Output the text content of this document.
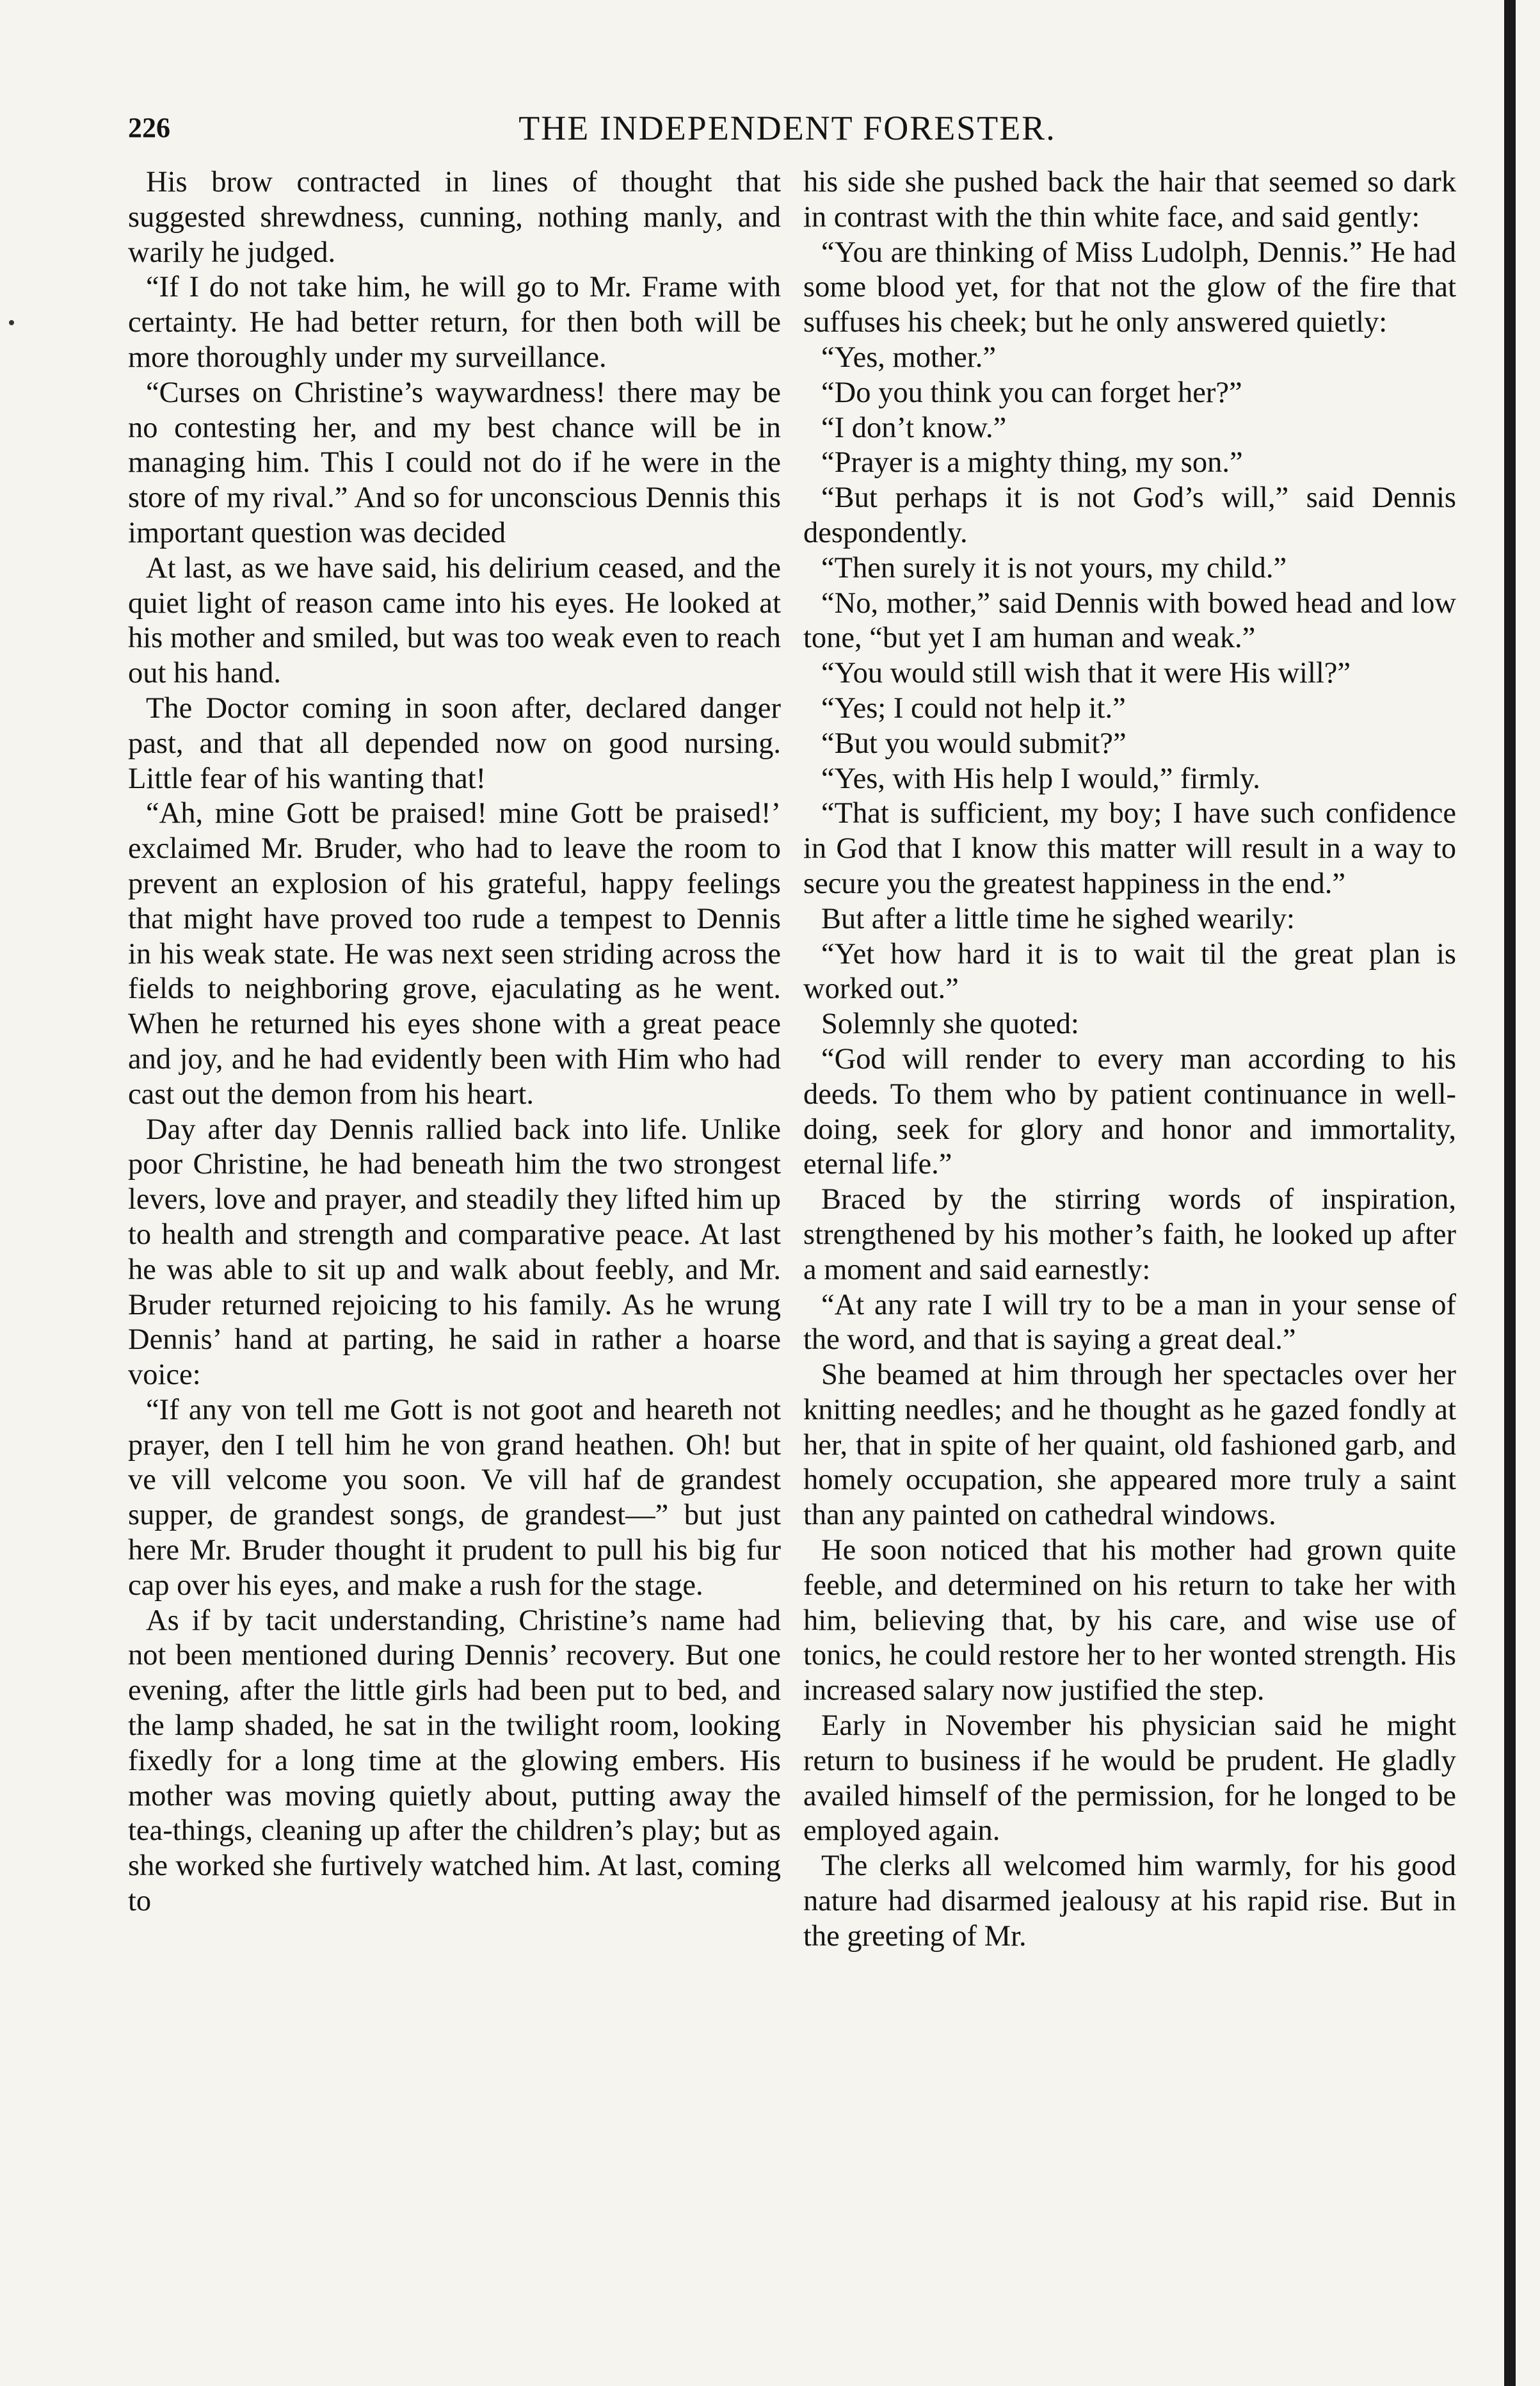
226	THE INDEPENDENT FORESTER.

His brow contracted in lines of thought that suggested shrewdness, cunning, nothing manly, and warily he judged.

“If I do not take him, he will go to Mr. Frame with certainty. He had better return, for then both will be more thoroughly under my surveillance.

“Curses on Christine’s waywardness! there may be no contesting her, and my best chance will be in managing him. This I could not do if he were in the store of my rival.” And so for unconscious Dennis this important question was decided

At last, as we have said, his delirium ceased, and the quiet light of reason came into his eyes. He looked at his mother and smiled, but was too weak even to reach out his hand.

The Doctor coming in soon after, declared danger past, and that all depended now on good nursing. Little fear of his wanting that!

“Ah, mine Gott be praised! mine Gott be praised!’ exclaimed Mr. Bruder, who had to leave the room to prevent an explosion of his grateful, happy feelings that might have proved too rude a tempest to Dennis in his weak state. He was next seen striding across the fields to neighboring grove, ejaculating as he went. When he returned his eyes shone with a great peace and joy, and he had evidently been with Him who had cast out the demon from his heart.

Day after day Dennis rallied back into life. Unlike poor Christine, he had beneath him the two strongest levers, love and prayer, and steadily they lifted him up to health and strength and comparative peace. At last he was able to sit up and walk about feebly, and Mr. Bruder returned rejoicing to his family. As he wrung Dennis’ hand at parting, he said in rather a hoarse voice:

“If any von tell me Gott is not goot and heareth not prayer, den I tell him he von grand heathen. Oh! but ve vill velcome you soon. Ve vill haf de grandest supper, de grandest songs, de grandest—” but just here Mr. Bruder thought it prudent to pull his big fur cap over his eyes, and make a rush for the stage.

As if by tacit understanding, Christine’s name had not been mentioned during Dennis’ recovery. But one evening, after the little girls had been put to bed, and the lamp shaded, he sat in the twilight room, looking fixedly for a long time at the glowing embers. His mother was moving quietly about, putting away the tea-things, cleaning up after the children’s play; but as she worked she furtively watched him. At last, coming to

his side she pushed back the hair that seemed so dark in contrast with the thin white face, and said gently:

“You are thinking of Miss Ludolph, Dennis.” He had some blood yet, for that not the glow of the fire that suffuses his cheek; but he only answered quietly:

“Yes, mother.”

“Do you think you can forget her?”

“I don’t know.”

“Prayer is a mighty thing, my son.”

“But perhaps it is not God’s will,” said Dennis despondently.

“Then surely it is not yours, my child.”

“No, mother,” said Dennis with bowed head and low tone, “but yet I am human and weak.”

“You would still wish that it were His will?”

“Yes; I could not help it.”

“But you would submit?”

“Yes, with His help I would,” firmly.

“That is sufficient, my boy; I have such confidence in God that I know this matter will result in a way to secure you the greatest happiness in the end.”

But after a little time he sighed wearily:

“Yet how hard it is to wait til the great plan is worked out.”

Solemnly she quoted:

“God will render to every man according to his deeds. To them who by patient continuance in well-doing, seek for glory and honor and immortality, eternal life.”

Braced by the stirring words of inspiration, strengthened by his mother’s faith, he looked up after a moment and said earnestly:

“At any rate I will try to be a man in your sense of the word, and that is saying a great deal.”

She beamed at him through her spectacles over her knitting needles; and he thought as he gazed fondly at her, that in spite of her quaint, old fashioned garb, and homely occupation, she appeared more truly a saint than any painted on cathedral windows.

He soon noticed that his mother had grown quite feeble, and determined on his return to take her with him, believing that, by his care, and wise use of tonics, he could restore her to her wonted strength. His increased salary now justified the step.

Early in November his physician said he might return to business if he would be prudent. He gladly availed himself of the permission, for he longed to be employed again.

The clerks all welcomed him warmly, for his good nature had disarmed jealousy at his rapid rise. But in the greeting of Mr.
